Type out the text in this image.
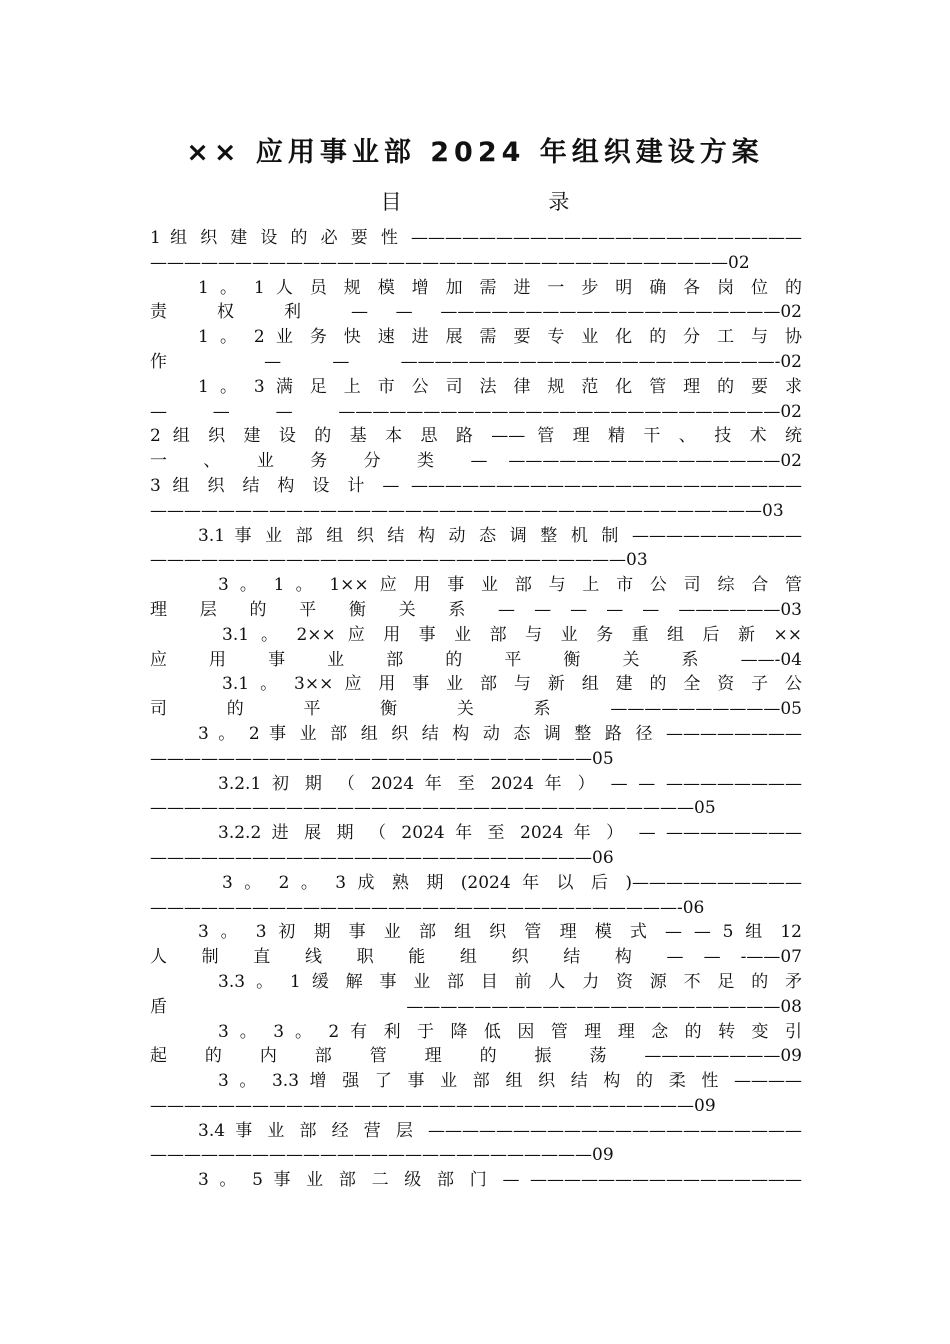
×× 应用事业部 2024 年组织建设方案
目 录
1 组 织 建 设 的 必 要 性 ———————————————————————
——————————————————————————————————02
1 。 1 人 员 规 模 增 加 需 进 一 步 明 确 各 岗 位 的
责 权 利 — — ————————————————————02
1 。 2 业 务 快 速 进 展 需 要 专 业 化 的 分 工 与 协
作 — — ——————————————————————-02
1 。 3 满 足 上 市 公 司 法 律 规 范 化 管 理 的 要 求
— — — ——————————————————————————02
2 组 织 建 设 的 基 本 思 路 —— 管 理 精 干 、 技 术 统
一 、 业 务 分 类 — ————————————————02
3 组 织 结 构 设 计 — ———————————————————————
————————————————————————————————————03
3.1 事 业 部 组 织 结 构 动 态 调 整 机 制 ——————————
————————————————————————————03
3 。 1 。 1×× 应 用 事 业 部 与 上 市 公 司 综 合 管
理 层 的 平 衡 关 系 — — — — — ——————03
3.1 。 2×× 应 用 事 业 部 与 业 务 重 组 后 新 ××
应 用 事 业 部 的 平 衡 关 系 ——-04
3.1 。 3×× 应 用 事 业 部 与 新 组 建 的 全 资 子 公
司 的 平 衡 关 系 ——————————05
3 。 2 事 业 部 组 织 结 构 动 态 调 整 路 径 ————————
——————————————————————————05
3.2.1 初 期 （ 2024 年 至 2024 年 ） — — ————————
————————————————————————————————05
3.2.2 进 展 期 （ 2024 年 至 2024 年 ） — ————————
——————————————————————————06
3 。 2 。 3 成 熟 期 (2024 年 以 后 )——————————
———————————————————————————————-06
3 。 3 初 期 事 业 部 组 织 管 理 模 式 — — 5 组 12
人 制 直 线 职 能 组 织 结 构 — — -——07
3.3 。 1 缓 解 事 业 部 目 前 人 力 资 源 不 足 的 矛
盾 ——————————————————————08
3 。 3 。 2 有 利 于 降 低 因 管 理 理 念 的 转 变 引
起 的 内 部 管 理 的 振 荡 ————————09
3 。 3.3 增 强 了 事 业 部 组 织 结 构 的 柔 性 ————
————————————————————————————————09
3.4 事 业 部 经 营 层 ——————————————————————
——————————————————————————09
3 。 5 事 业 部 二 级 部 门 — ————————————————
